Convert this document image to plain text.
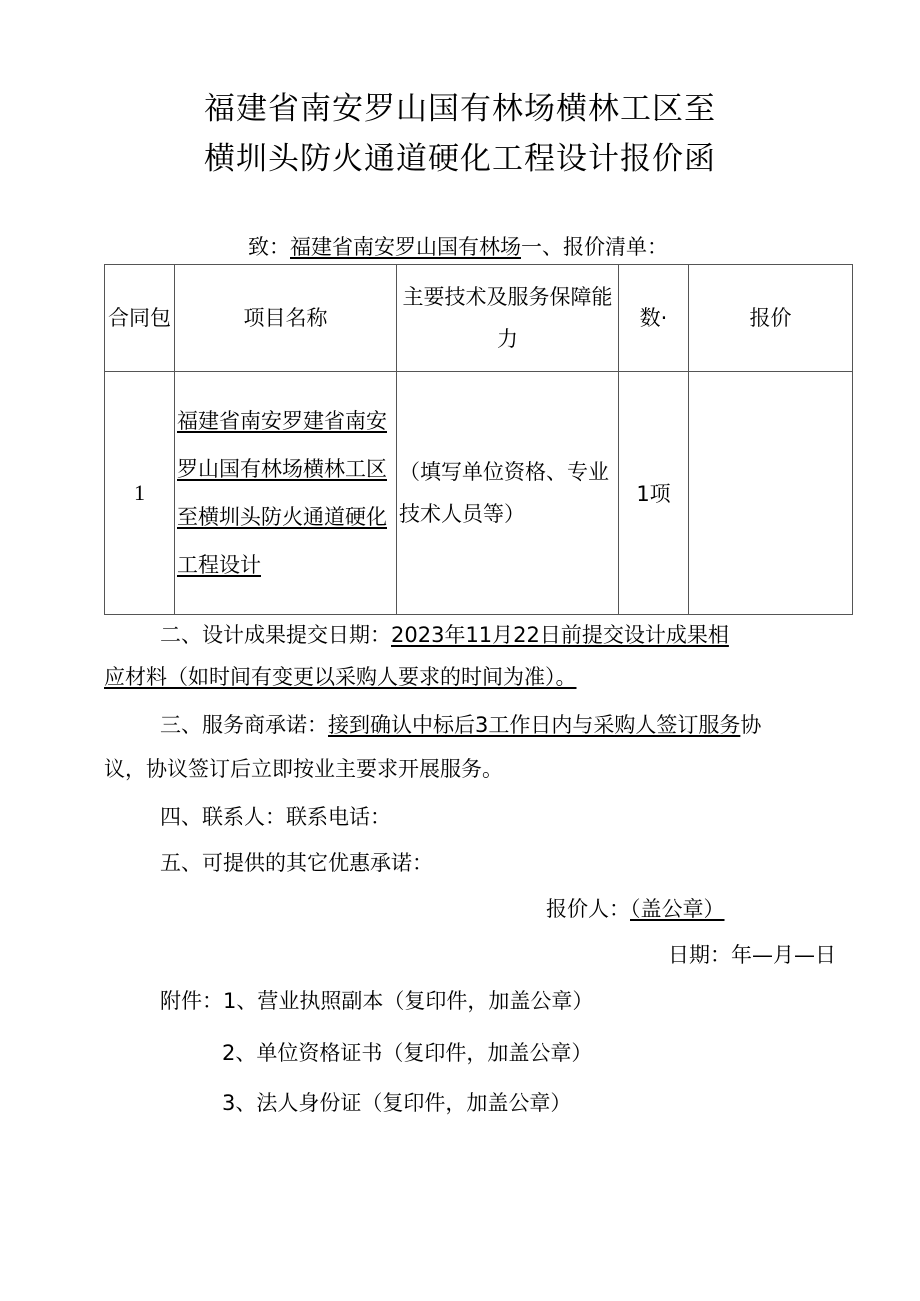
福建省南安罗山国有林场横林工区至
横圳头防火通道硬化工程设计报价函
致：福建省南安罗山国有林场一、报价清单：
合同包	项目名称	主要技术及服务保障能力	数·	报价
1	福建省南安罗建省南安罗山国有林场横林工区至横圳头防火通道硬化工程设计	（填写单位资格、专业技术人员等）	1项	
二、设计成果提交日期：2023年11月22日前提交设计成果相
应材料（如时间有变更以采购人要求的时间为准）。
三、服务商承诺：接到确认中标后3工作日内与采购人签订服务协
议，协议签订后立即按业主要求开展服务。
四、联系人：联系电话：
五、可提供的其它优惠承诺：
报价人：（盖公章）
日期：年—月—日
附件：1、营业执照副本（复印件，加盖公章）
2、单位资格证书（复印件，加盖公章）
3、法人身份证（复印件，加盖公章）
